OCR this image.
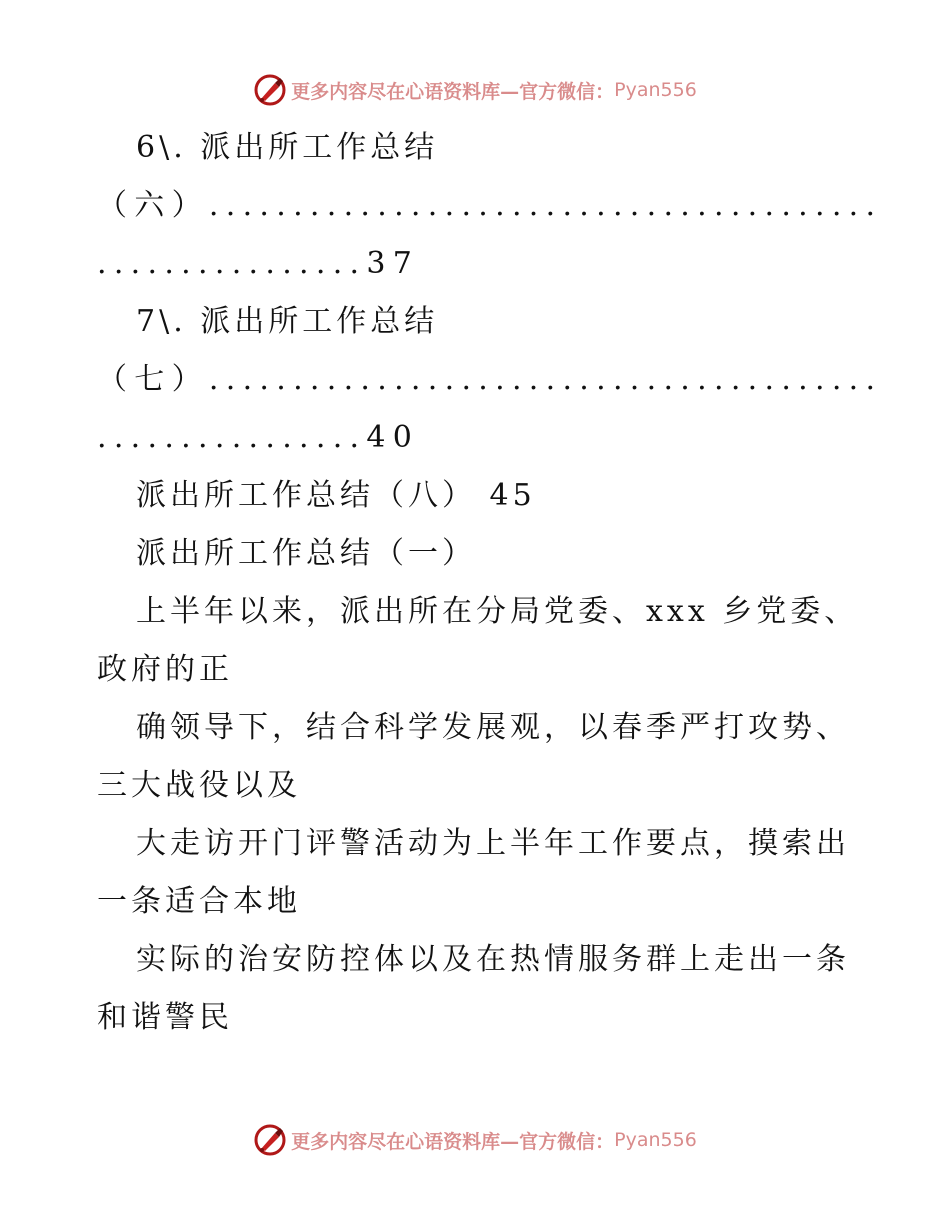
更多内容尽在心语资料库—官方微信： Pyan556
6\. 派出所工作总结
（六）........................................
................37
7\. 派出所工作总结
（七）........................................
................40
派出所工作总结（八） 45
派出所工作总结（一）
上半年以来，派出所在分局党委、xxx 乡党委、
政府的正
确领导下，结合科学发展观，以春季严打攻势、
三大战役以及
大走访开门评警活动为上半年工作要点，摸索出
一条适合本地
实际的治安防控体以及在热情服务群上走出一条
和谐警民
更多内容尽在心语资料库—官方微信： Pyan556
